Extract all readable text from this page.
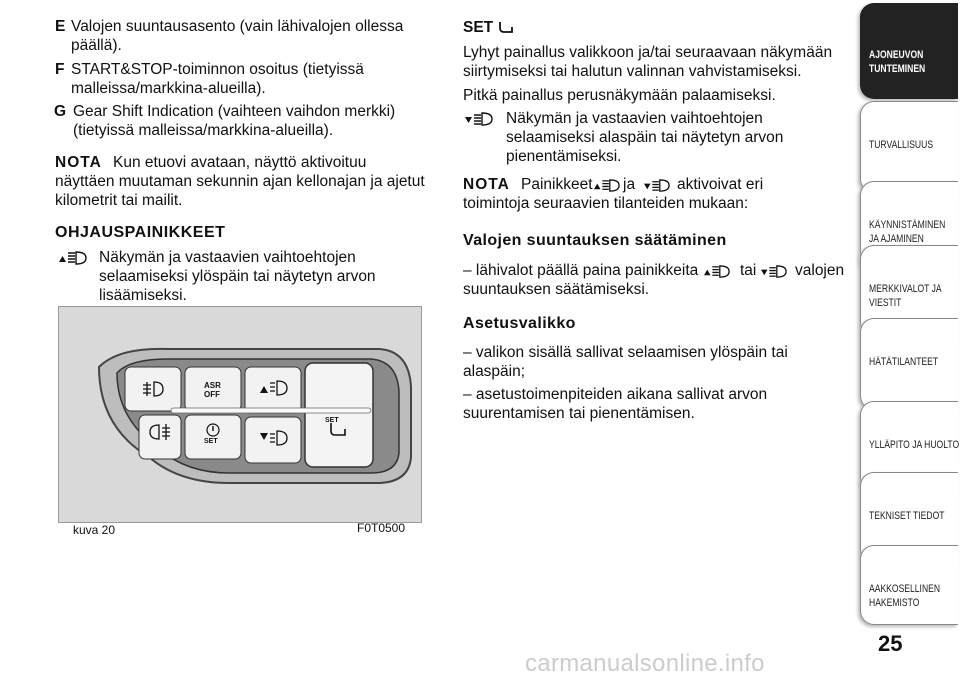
E Valojen suuntausasento (vain lähivalojen ollessa
päällä).
F START&STOP-toiminnon osoitus (tietyissä
malleissa/markkina-alueilla).
G Gear Shift Indication (vaihteen vaihdon merkki)
(tietyissä malleissa/markkina-alueilla).
NOTA Kun etuovi avataan, näyttö aktivoituu
näyttäen muutaman sekunnin ajan kellonajan ja ajetut
kilometrit tai mailit.
OHJAUSPAINIKKEET
Näkymän ja vastaavien vaihtoehtojen
selaamiseksi ylöspäin tai näytetyn arvon
lisäämiseksi.
ASR
OFF
SET
SET
kuva 20	F0T0500
SET
Lyhyt painallus valikkoon ja/tai seuraavaan näkymään
siirtymiseksi tai halutun valinnan vahvistamiseksi.
Pitkä painallus perusnäkymään palaamiseksi.
Näkymän ja vastaavien vaihtoehtojen
selaamiseksi alaspäin tai näytetyn arvon
pienentämiseksi.
NOTA Painikkeet ja	aktivoivat eri
toimintoja seuraavien tilanteiden mukaan:
Valojen suuntauksen säätäminen
– lähivalot päällä paina painikkeita	tai valojen
suuntauksen säätämiseksi.
Asetusvalikko
– valikon sisällä sallivat selaamisen ylöspäin tai
alaspäin;
– asetustoimenpiteiden aikana sallivat arvon
suurentamisen tai pienentämisen.
AJONEUVON
TUNTEMINEN
TURVALLISUUS
KÄYNNISTÄMINEN
JA AJAMINEN
MERKKIVALOT JA
VIESTIT
HÄTÄTILANTEET
YLLÄPITO JA HUOLTO
TEKNISET TIEDOT
AAKKOSELLINEN
HAKEMISTO
25
carmanualsonline.info
